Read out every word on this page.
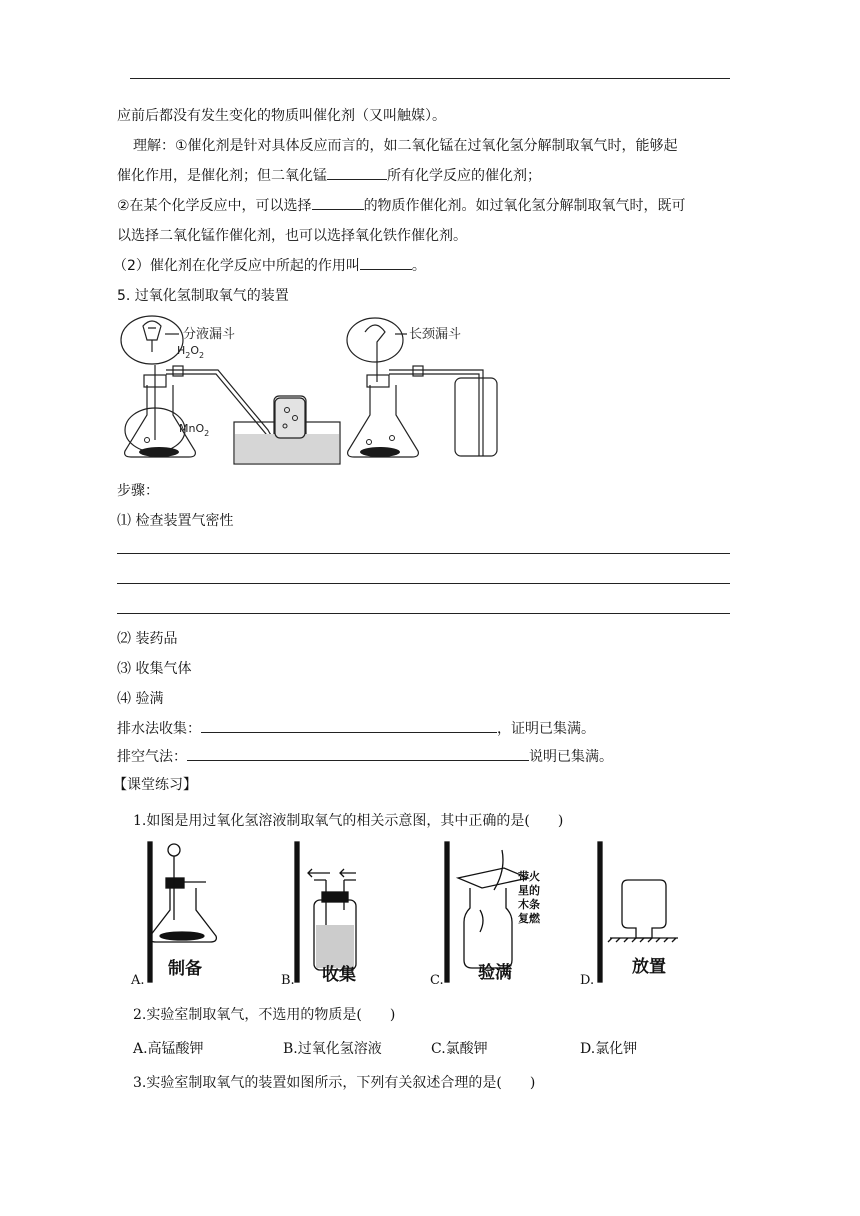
应前后都没有发生变化的物质叫催化剂（又叫触媒）。
理解：①催化剂是针对具体反应而言的，如二氧化锰在过氧化氢分解制取氧气时，能够起
催化作用，是催化剂；但二氧化锰	所有化学反应的催化剂；
②在某个化学反应中，可以选择	的物质作催化剂。如过氧化氢分解制取氧气时，既可
以选择二氧化锰作催化剂，也可以选择氧化铁作催化剂。
（2）催化剂在化学反应中所起的作用叫	。
5. 过氧化氢制取氧气的装置
分液漏斗
$H_2O_2$
MnO$_2$
长颈漏斗
步骤：
⑴ 检查装置气密性
⑵ 装药品
⑶ 收集气体
⑷ 验满
排水法收集：	，证明已集满。
排空气法：	说明已集满。
【课堂练习】
1.如图是用过氧化氢溶液制取氧气的相关示意图，其中正确的是(　　)
制备	收集	验满	放置
带火
星的
木条
复燃
A.	B.	C.	D.
2.实验室制取氧气，不选用的物质是(　　)
A.高锰酸钾	B.过氧化氢溶液	C.氯酸钾	D.氯化钾
3.实验室制取氧气的装置如图所示，下列有关叙述合理的是(　　)
